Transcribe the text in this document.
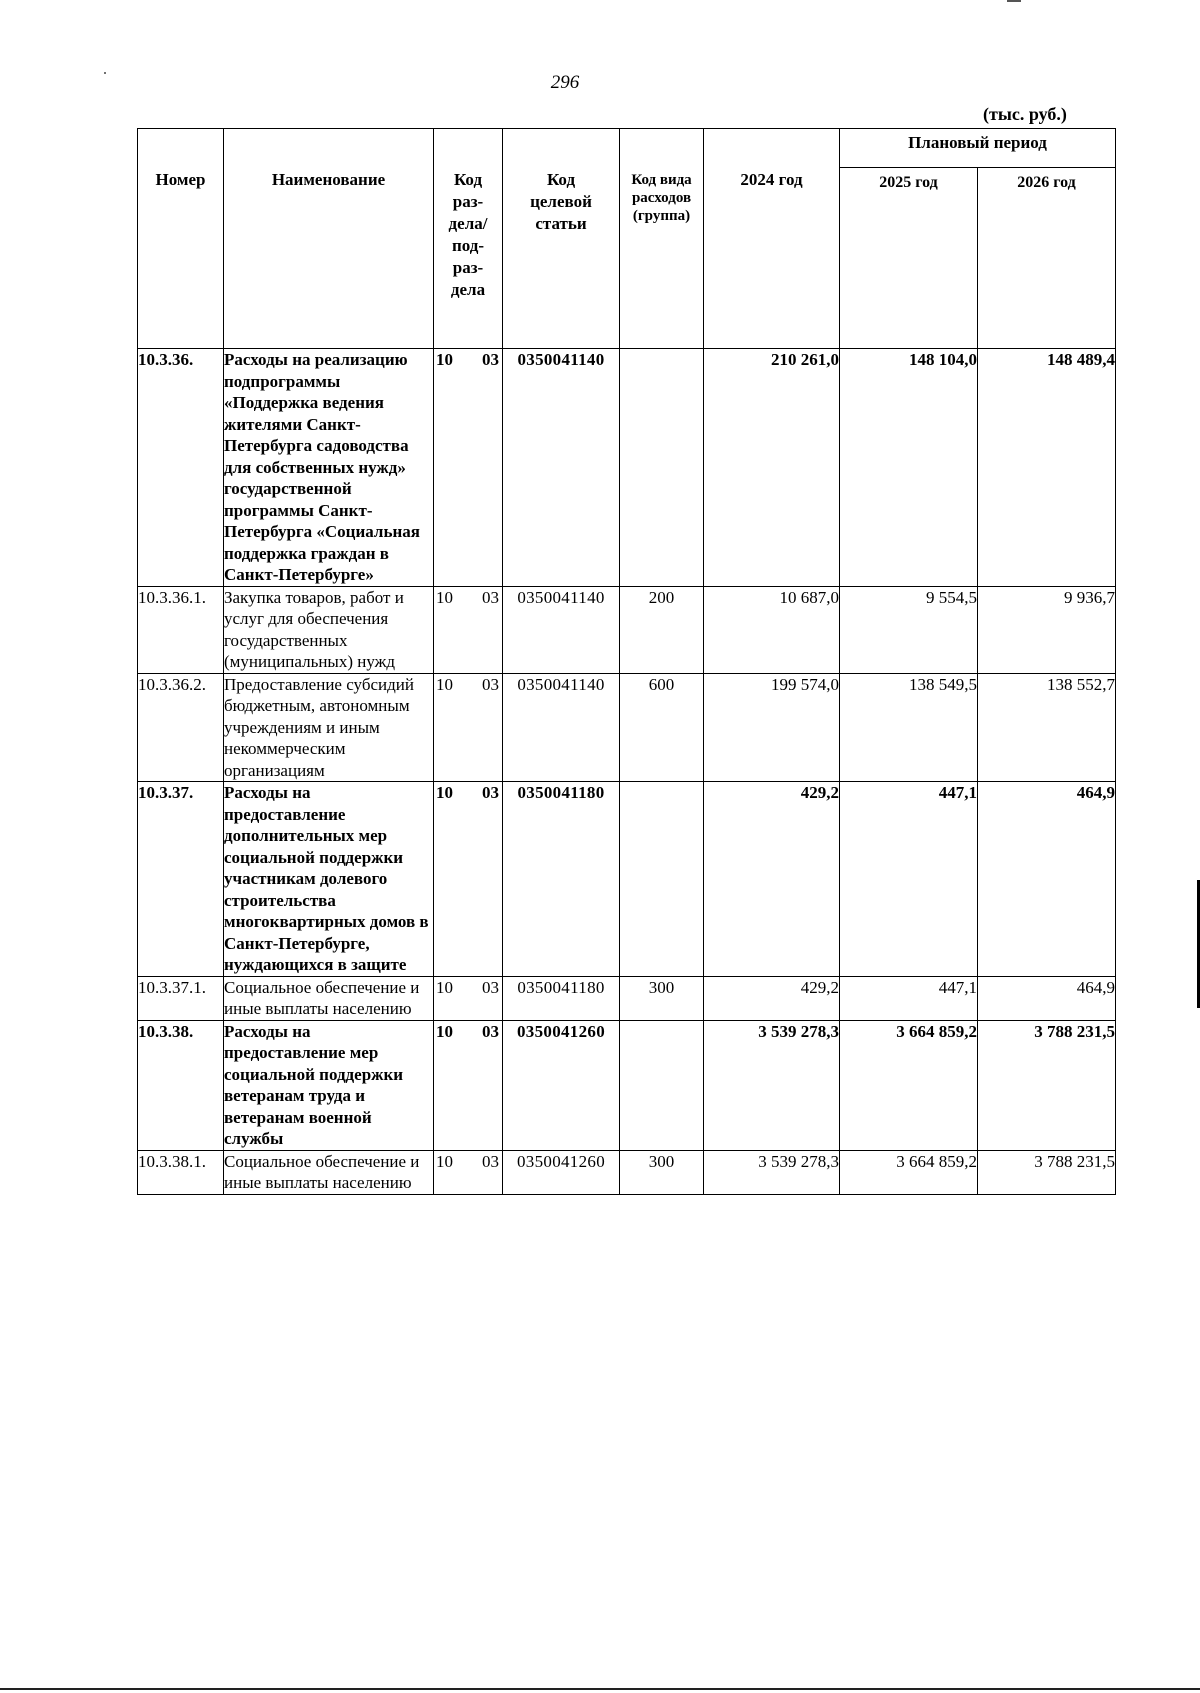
296
(тыс. руб.)
Номер	Наименование	Код раз- дела/ под- раз- дела	Код целевой статьи	Код вида расходов (группа)	2024 год	Плановый период	
						2025 год	2026 год
10.3.36.	Расходы на реализацию подпрограммы «Поддержка ведения жителями Санкт-Петербурга садоводства для собственных нужд» государственной программы Санкт-Петербурга «Социальная поддержка граждан в Санкт-Петербурге»	10 03	0350041140		210 261,0	148 104,0	148 489,4
10.3.36.1.	Закупка товаров, работ и услуг для обеспечения государственных (муниципальных) нужд	10 03	0350041140	200	10 687,0	9 554,5	9 936,7
10.3.36.2.	Предоставление субсидий бюджетным, автономным учреждениям и иным некоммерческим организациям	10 03	0350041140	600	199 574,0	138 549,5	138 552,7
10.3.37.	Расходы на предоставление дополнительных мер социальной поддержки участникам долевого строительства многоквартирных домов в Санкт-Петербурге, нуждающихся в защите	10 03	0350041180		429,2	447,1	464,9
10.3.37.1.	Социальное обеспечение и иные выплаты населению	10 03	0350041180	300	429,2	447,1	464,9
10.3.38.	Расходы на предоставление мер социальной поддержки ветеранам труда и ветеранам военной службы	10 03	0350041260		3 539 278,3	3 664 859,2	3 788 231,5
10.3.38.1.	Социальное обеспечение и иные выплаты населению	10 03	0350041260	300	3 539 278,3	3 664 859,2	3 788 231,5
